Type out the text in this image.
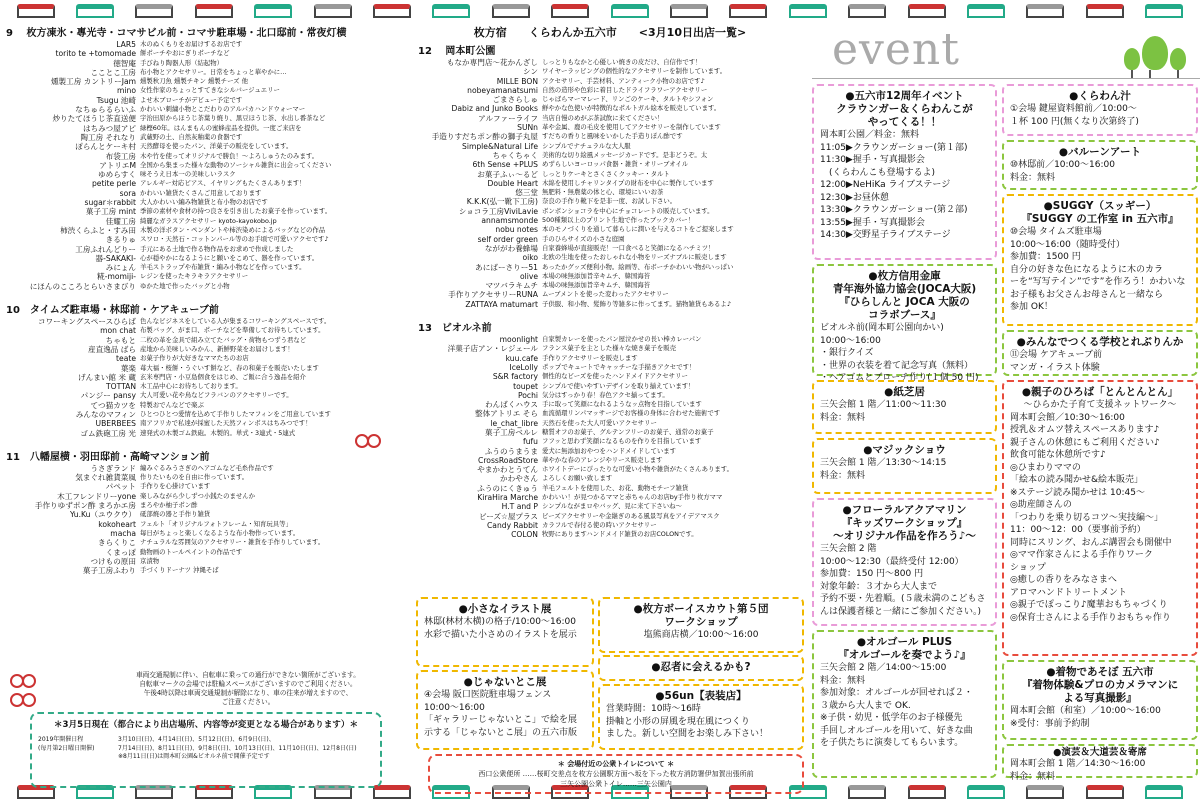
9　 枚方凍氷・專光寺・コマサビル前・コマサ駐車場・北口邸前・常夜灯横
LAR5 木のぬくもりをお届けするお店です
torito te +tomomade 餅ポーチやおにぎりポーチなど
徳智庵 手びねり陶器人形（結起物）
こことこ工房 布小物とアクセサリー。日常をちょっと華やかに…
燻製工房 カントリーJam 燻製秋刀魚 燻製チキン 燻製チーズ 他
mino 女性作家のちょっとすてきなシルバージュエリー
Tsugu 池崎 よせ木ブローチがデビュー予定です
なちゅらるらいふ かわいい刺繍小物とこだわりのアルパカハンドウォーマー
炒りたてほうじ茶直送便 宇治田原からほうじ茶葉り焼り、黒豆ほうじ茶、水出し番茶など
はちみつ屋アピ 緑樫60年。はんまもんの蜜蜂産品を提供。一度ご来店を
陶工房 それなり 武蔵野の土、自然灰釉薬の食器です
ぽらんとケーキ村 天然酵母を使ったパン、洋菓子の販売をしています。
布袋工房 木や竹を使ってオリジナルで勝負！～よろしゅうたのみます。
アトリエM 全国から集まった様々な動物のソーシャル雑貨に出会ってください
ゆめらすく 味そうえ日本一の美味しいラスク
petite perle アレルギー対応ピアス、イヤリングもたくさんあります！
sora かわいい雑貨たくさんご用意しております
sugar＊rabbit 大人かわいい編み物雑貨と布小物のお店です
菓子工房 mint 季節の素材や食材の持つ良さを引き出したお菓子を作っています。
佳耀工房 綺麗なガラスアクセサリー kyoto-kayokobo.jp
柿渋くらふと・すみ田 木製の洋ボタン・ペンダントや柿渋染めによるバッグなどの作品
きるりゅ スワロ・天然石・コットンパール等のお手頃で可愛いアクセです♪
工房ふれんどりー 手元にある土地で作る物作品をお求めで作成しました
器-SAKAKI- 心が穏やかになるようにと願いをこめて、器を作っています。
みにょん 羊毛ストラップや布雑貨・編み小物などを作っています。
糀-momiji- レジンを使ったキラキラアクセサリー
にほんのこころとらいさまびり ゆかた地で作ったバッグと小物
10　タイムズ駐車場・林邸前・ケアキューブ前
コワーキングスペースひらば 色んなビジネスをしている人が集まるコワーキングスペースです。
mon chat 布製バッグ、がま口、ポーチなどを準備してお待ちしています。
ちゃもと 二枚の革を金具で組み立てたバッグ・荷物もつずう君など
産直逸品 ばら 産地から美味しいみかん、新鮮野菜をお届けします！
teate お菓子作りが大好きなママたちのお店
葉楽 苺大福・桜餅・うぐいす餅など、春の和菓子を販売いたします
げんまい館 米 蔵 玄米専門店・小豆島個食をはじめ、ご飯に合う逸品を紹介
TOTTAN 木工品中心にお待ちしております。
パンジー pansy 大人可愛い花や鳥などフラバンのアクセサリーです。
てつ猫カツを 特製おでんなどで楽ぶ
みんなのマフィン ひとつひとつ愛情を込めて手作りしたマフィンをご用意しています
UBERBEES 南アフリカで私達が採蜜した天然フィンボスはちみつです！
ゴム鉄砲工房 光 速発式の木製ゴム鉄砲。木製的。単式・3連式・5連式
11　八幡屋横・羽田邸前・高崎マンション前
うさぎランド 編みぐるみうさぎのヘアゴムなど毛糸作品です
気まぐれ雑貨菜風 作りたいものを自由に作っています。
パペット 手作りを心掛けています
木工フレンドリーyone 楽しみながら少しずつ小銭たのませんか
手作りゆずポン酢 まろかエ房 まろやか柚子ポン酢
Yu.Ku（ユウクウ） 砥部焼の器と手作り雑貨
kokoheart フェルト「オリジナルフォトフレーム・知育玩具等」
macha 毎日がちょっと楽しくなるような布小物作っています。
きらくりこ ナチュラルな雰囲気のアクセサリー・雑貨を手作りしています。
くまっぽ 動物画のトールペイントの作品です
つけもの原田 京漬物
菓子工房ふわり 手づくりドーナツ 沖縄そば

車両交通規制に伴い、自転車に乗っての通行ができない箇所がございます。
自転車マークの会場では駐輪スペースがございますのでご利用ください。
午後4時以降は車両交通規制が解除になり、車の往来が増えますので、
ご注意ください。
＊3月5日現在（都合により出店場所、内容等が変更となる場合があります）＊
2019年開催日程
(毎月第2日曜日開催)
3月10日(日)、4月14日(日)、5月12日(日)、6月9日(日)、
7月14日(日)、8月11日(日)、9月8日(日)、10月13日(日)、11月10日(日)、12月8日(日)
※8月11日(日)は岡本町公園&ビオルネ前で開催予定です
枚方宿　　くらわんか五六市　　<3月10日出店一覧>
12　 岡本町公園
もなか専門店～花かんざし しっとりもなかと心優しい焼きの皮だけ、自信作です！
シン ワイヤーラッピングの個性的なアクセサリーを制作しています。
MILLE BON アクセサリー、手芸材料、アンティーク小物のお店です♪
nobeyamanatsumi 自然の造形や色彩に着目したドライフラワーアクセサリー
ごまさらしゅ じゃばらマーマレード、リンごのケーキ、タルトやシフォン
Dabiz and Junko Books 鮮やかな色使いが特徴的なポルトガル絵本を販売しています。
アルファーライフ 当店自慢のめがぶ茶試飲に来てください！
SUNn 革や金属、鹿の毛皮を使用してアクセサリーを制作しています
手造りすだちポン酢の獅子丸屋 すだちの香りと風味をいかした手造りぽん酢です
Simple&Natural Life シンプルでナチュラルな大人服
ちゃくちゃく 美術的な切り絵風メッセージカードです。是非どうぞ。太
6th Sense +PLUS めずらしいヨーロッパ食器・雑貨・オリーブオイル
お菓子ふぃ～るど しっとりケーキとさくさくクッキー・タルト
Double Heart 木綿を使用しチャリンタイプの財布を中心に製作しています
悠三堂 無肥料・無農薬の体と心、環境にいいお茶
K.K.K(弘一靴下工房) 奈良の手作り靴下を是非一度、お試し下さい。
ショコラ工房ViviLavie ボンボンショコラを中心にチョコレートの販売しています。
annamsmonde 500種類以上のプリント生地で作ったブックカバー！
nobu notes 本のモノづくりを通して暮らしに潤いを与えるコトをご提案します
self order green 手のひらサイズの小さな庭園
なががわ養蜂場 自家養蜂場が直接販売！一口食べると笑顔になるハチミツ！
oiko 北欧の生地を使ったおしゃれな小物をリーズナブルに販売します
あにばーさりー51 あったかグッズ便利小物。絵画等、布ボーチかわいい物がいっぱい
olive 本場の味無添加旨辛キムチ、韓国海苔
マツバラキムチ 本場の味無添加旨辛キムチ、韓国海苔
手作りアクセサリーRUNA ムーブメントを使った変わったアクセサリー
ZATTAYA matumart 子供服、和小物、髪飾り等雑多に作ってます。猫物雑貨もあるよ♪
13　ビオルネ前
moonlight 自家製カレーを使ったパン屋泣かせの長い棒カレーパン
洋菓子店アン・レジェール フランス菓子を主とした様々な焼き菓子を販売
kuu.cafe 手作りアクセサリーを販売します
IceLolly ポップでキュートでキャッチーな手描きアクセです！
S&R factory 個性的なビーズを使ったハンドメイドアクセサリー
toupet シンプルで使いやすいデザインを取り揃えています！
Pochi 気分はすっかり春！春色アクセ揃ってます。
わんばくハウス 手に取って笑顔になれるようなッ点物を目指しています
整体アトリエ そら 血流循環リンパマッサージでお客様の身体に合わせた施術です
le_chat_libre 天然石を使った大人可愛いアクセサリー
菓子工房ベルレ 糖質オフのお菓子、グルテンフリーのお菓子、通常のお菓子
fufu フフッと思わず笑顔になるものを作りを目指しています
ふうのうまうま 愛犬に無添加おやつをハンドメイドしています
CrossRoadStore 華やかな春のアレンジやリース販売します
やまかわとうてん ホワイトデーにぴったりな可愛い小物や雑貨がたくさんあります。
かわやさん よろしくお願い致します
ふうのにくきゅう 羊毛フェルトを使用した、お花、動物モチーフ雑貨
KiraHira Marche かわいい！が見つかるママと赤ちゃんのお店by手作り枚方ママ
H.T and P シンプルながまロやバッグ、見に来て下さいね～
ビーズ☆屋プラス ビーズアクセサリーや金継ぎのある風景写真をアイデアマスク
Candy Rabbit カラフルで春付る使の時いアクセサリー
COLON 牧野にありますハンドメイド雑貨のお店COLONです。
●小さなイラスト展
林邸(林材木横)の格子/10:00～16:00
水彩で描いた小さめのイラストを展示
●枚方ボーイスカウト第５団
ワークショップ
塩熊商店横／10:00～16:00
●忍者に会えるかも?
●じゃないとこ展
④会場 阪口医院駐車場フェンス
10:00～16:00
「ギャラリーじゃないとこ」で絵を展
示する「じゃないとこ展」の五六市版
●56un【表装店】
営業時間：10時～16時
掛軸と小形の屏風を現在風につくり
ました。新しい空間をお楽しみ下さい！
＊ 会場付近の公衆トイレについて ＊
西口公衆便所 ……桜町交差点を枚方公園駅方面へ坂を下った枚方消防署伊加賀出張所前
三矢公園公衆トイレ……三矢公園内
event
●五六市12周年イベント
クラウンガー＆くらわんこが
やってくる！！
岡本町公園／料金：無料
11:05▶クラウンガーショー(第１部)
11:30▶握手・写真撮影会
　(くらわんこも登場するよ)
12:00▶NeHiKa ライブステージ
12:30▶お昼休憩
13:30▶クラウンガーショー(第２部)
13:55▶握手・写真撮影会
14:30▶交野星子ライブステージ
●枚方信用金庫
青年海外協力協会(JOCA大阪)
『ひらしんと JOCA 大阪の
コラボブース』
ビオルネ前(岡本町公園向かい)
10:00～16:00
・銀行クイズ
・世界の衣装を着て記念写真（無料）
・ヘアゴムとブローチ作り(１個 50 円)
●紙芝居
三矢会館 1 階／11:00～11:30
料金：無料
●マジックショウ
三矢会館 1 階／13:30～14:15
料金：無料
●フローラルアクアマリン
『キッズワークショップ』
～オリジナル作品を作ろう♪～
三矢会館 2 階
10:00～12:30（最終受付 12:00）
参加費：150 円～800 円
対象年齢：３才から大人まで
予約不要・先着順。(５歳未満のこどもさ
んは保護者様と一緒にご参加ください。)
●オルゴール PLUS
『オルゴールを奏でよう♪』
三矢会館 2 階／14:00～15:00
料金：無料
参加対象：オルゴールが回せれば２・
３歳から大人まで OK.
※子供・幼児・低学年のお子様優先
手回しオルゴールを用いて、好きな曲
を子供たちに演奏してもらいます。
●くらわん汁
①会場 鍵屋資料館前／10:00～
１杯 100 円(無くなり次第終了)
●バルーンアート
⑩林邸前／10:00～16:00
料金：無料
●SUGGY（スッギー）
『SUGGY の工作室 in 五六市』
⑩会場 タイムズ駐車場
10:00～16:00（随時受付）
参加費：1500 円
自分の好きな色になるように木のカラ
ーを“写写テイン”です”を作ろう！かわいな
お子様もお父さんお母さんと一緒なら
参加 OK！
●みんなでつくる学校とれぶりんか
⑪会場 ケアキューブ前
マンガ・イラスト体験
●親子のひろば「とんとんとん」
～ひらかた子育て支援ネットワーク～
岡本町会館／10:30～16:00
授乳＆オムツ替えスペースあります♪
親子さんの休憩にもご利用ください♪
飲食可能な休憩所です♪
◎ひまわりママの
「絵本の読み聞かせ&絵本販売」
※ステージ読み聞かせは 10:45～
◎助産師さんの
「つわりを乗り切るコツ～実技編～」
11：00～12：00（要事前予約）
同時にスリング、おんぶ講習会も開催中
◎ママ作家さんによる手作りワーク
ショップ
◎癒しの香りをみなさまへ
アロマハンドトリートメント
◎親子でぽっこり♪魔華おもちゃづくり
◎保育士さんによる手作りおもちゃ作り
●着物であそぼ 五六市
『着物体験&プロのカメラマンに
よる写真撮影』
岡本町会館（和室）／10:00～16:00
※受付：事前予約制
●演芸＆大道芸＆寄席
岡本町会館 1 階／14:30～16:00
料金：無料
